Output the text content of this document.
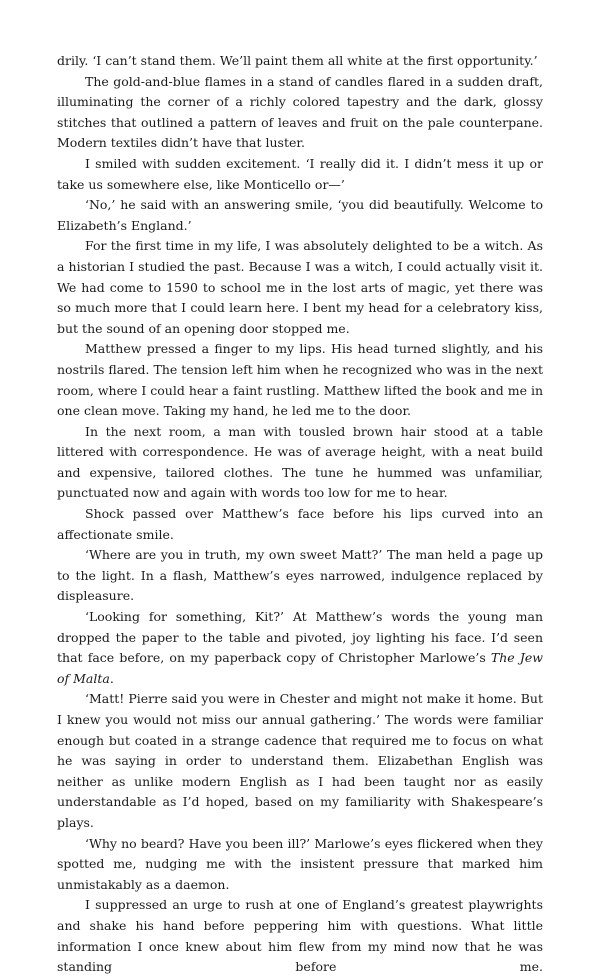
drily. ‘I can’t stand them. We’ll paint them all white at the first opportunity.’

The gold-and-blue flames in a stand of candles flared in a sudden draft, illuminating the corner of a richly colored tapestry and the dark, glossy stitches that outlined a pattern of leaves and fruit on the pale counterpane. Modern textiles didn’t have that luster.

I smiled with sudden excitement. ‘I really did it. I didn’t mess it up or take us somewhere else, like Monticello or—’

‘No,’ he said with an answering smile, ‘you did beautifully. Welcome to Elizabeth’s England.’

For the first time in my life, I was absolutely delighted to be a witch. As a historian I studied the past. Because I was a witch, I could actually visit it. We had come to 1590 to school me in the lost arts of magic, yet there was so much more that I could learn here. I bent my head for a celebratory kiss, but the sound of an opening door stopped me.

Matthew pressed a finger to my lips. His head turned slightly, and his nostrils flared. The tension left him when he recognized who was in the next room, where I could hear a faint rustling. Matthew lifted the book and me in one clean move. Taking my hand, he led me to the door.

In the next room, a man with tousled brown hair stood at a table littered with correspondence. He was of average height, with a neat build and expensive, tailored clothes. The tune he hummed was unfamiliar, punctuated now and again with words too low for me to hear.

Shock passed over Matthew’s face before his lips curved into an affectionate smile.

‘Where are you in truth, my own sweet Matt?’ The man held a page up to the light. In a flash, Matthew’s eyes narrowed, indulgence replaced by displeasure.

‘Looking for something, Kit?’ At Matthew’s words the young man dropped the paper to the table and pivoted, joy lighting his face. I’d seen that face before, on my paperback copy of Christopher Marlowe’s The Jew of Malta.

‘Matt! Pierre said you were in Chester and might not make it home. But I knew you would not miss our annual gathering.’ The words were familiar enough but coated in a strange cadence that required me to focus on what he was saying in order to understand them. Elizabethan English was neither as unlike modern English as I had been taught nor as easily understandable as I’d hoped, based on my familiarity with Shakespeare’s plays.

‘Why no beard? Have you been ill?’ Marlowe’s eyes flickered when they spotted me, nudging me with the insistent pressure that marked him unmistakably as a daemon.

I suppressed an urge to rush at one of England’s greatest playwrights and shake his hand before peppering him with questions. What little information I once knew about him flew from my mind now that he was standing before me.
